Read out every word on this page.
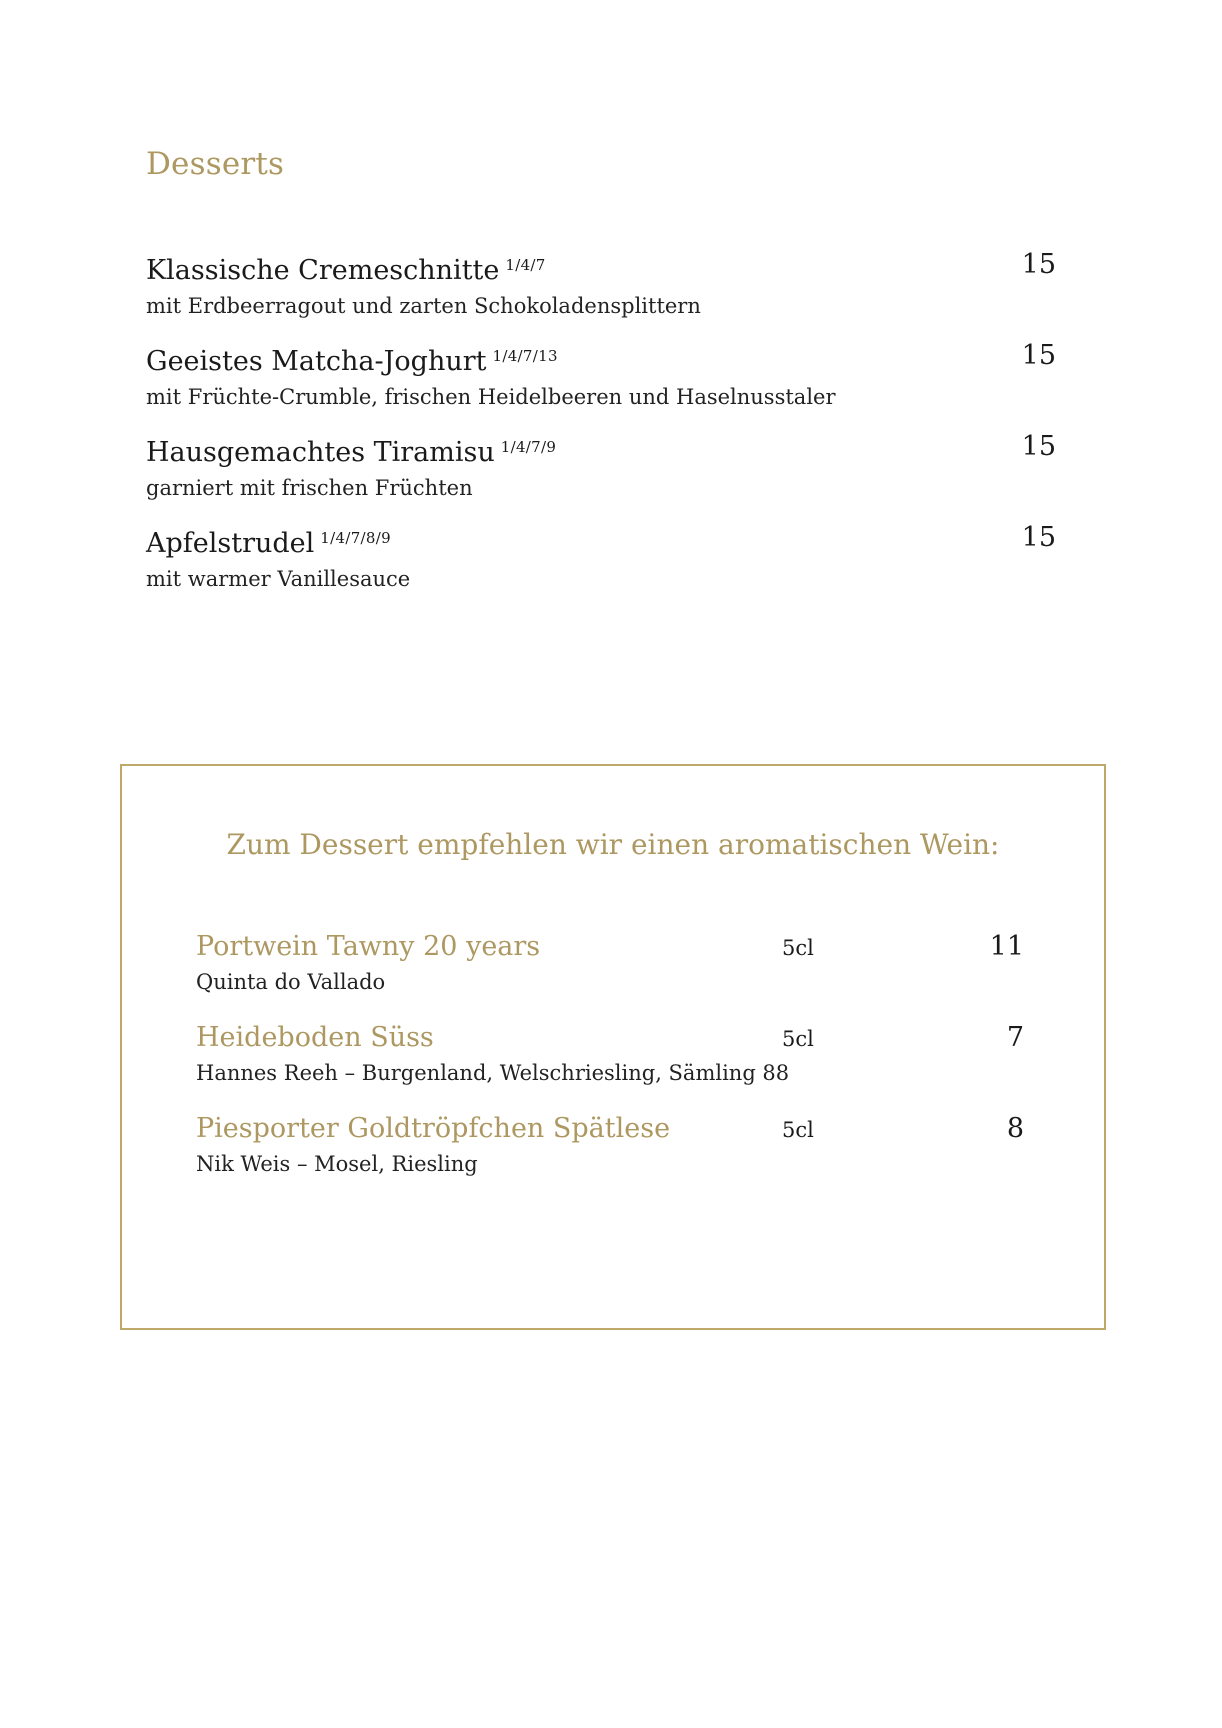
Desserts
Klassische Cremeschnitte $^{1/4/7}$
mit Erdbeerragout und zarten Schokoladensplittern
15
Geeistes Matcha-Joghurt $^{1/4/7/13}$
mit Früchte-Crumble, frischen Heidelbeeren und Haselnusstaler
15
Hausgemachtes Tiramisu $^{1/4/7/9}$
garniert mit frischen Früchten
15
Apfelstrudel $^{1/4/7/8/9}$
mit warmer Vanillesauce
15
Zum Dessert empfehlen wir einen aromatischen Wein:
Portwein Tawny 20 years
Quinta do Vallado
5cl	11
Heideboden Süss
Hannes Reeh – Burgenland, Welschriesling, Sämling 88
5cl	7
Piesporter Goldtröpfchen Spätlese
Nik Weis – Mosel, Riesling
5cl	8
